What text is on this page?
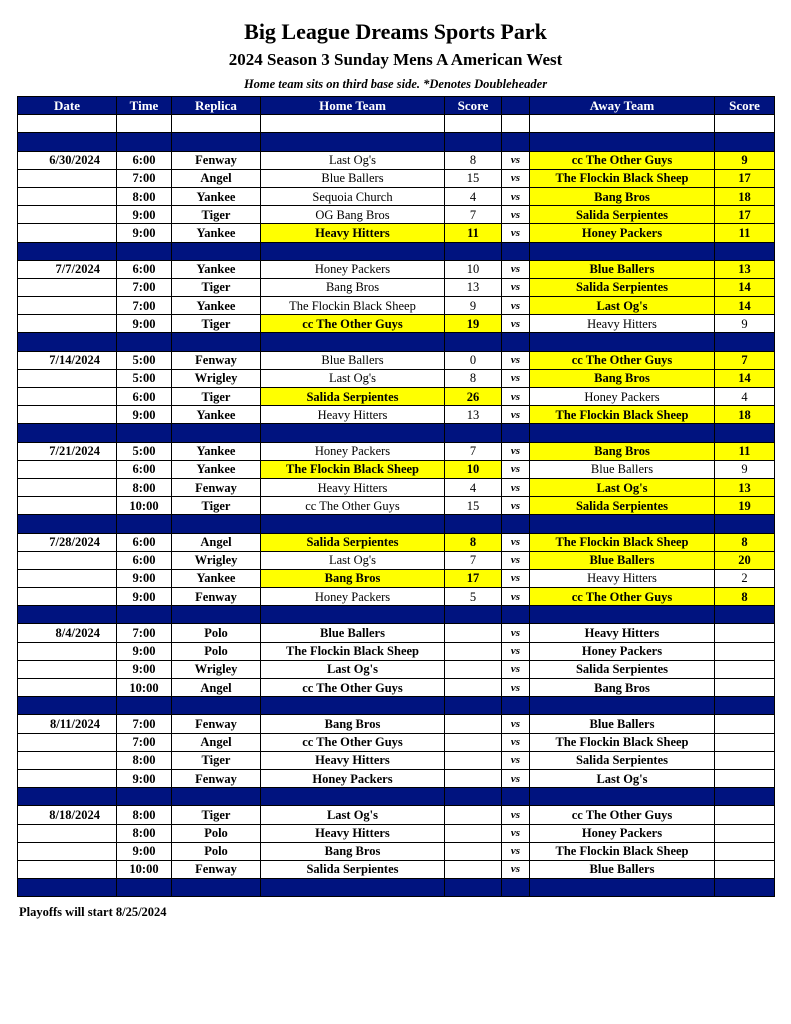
Big League Dreams Sports Park
2024 Season 3 Sunday Mens A American West
Home team sits on third base side. *Denotes Doubleheader
Date	Time	Replica	Home Team	Score		Away Team	Score

6/30/2024	6:00	Fenway	Last Og's	8	vs	cc The Other Guys	9
	7:00	Angel	Blue Ballers	15	vs	The Flockin Black Sheep	17
	8:00	Yankee	Sequoia Church	4	vs	Bang Bros	18
	9:00	Tiger	OG Bang Bros	7	vs	Salida Serpientes	17
	9:00	Yankee	Heavy Hitters	11	vs	Honey Packers	11

7/7/2024	6:00	Yankee	Honey Packers	10	vs	Blue Ballers	13
	7:00	Tiger	Bang Bros	13	vs	Salida Serpientes	14
	7:00	Yankee	The Flockin Black Sheep	9	vs	Last Og's	14
	9:00	Tiger	cc The Other Guys	19	vs	Heavy Hitters	9

7/14/2024	5:00	Fenway	Blue Ballers	0	vs	cc The Other Guys	7
	5:00	Wrigley	Last Og's	8	vs	Bang Bros	14
	6:00	Tiger	Salida Serpientes	26	vs	Honey Packers	4
	9:00	Yankee	Heavy Hitters	13	vs	The Flockin Black Sheep	18

7/21/2024	5:00	Yankee	Honey Packers	7	vs	Bang Bros	11
	6:00	Yankee	The Flockin Black Sheep	10	vs	Blue Ballers	9
	8:00	Fenway	Heavy Hitters	4	vs	Last Og's	13
	10:00	Tiger	cc The Other Guys	15	vs	Salida Serpientes	19

7/28/2024	6:00	Angel	Salida Serpientes	8	vs	The Flockin Black Sheep	8
	6:00	Wrigley	Last Og's	7	vs	Blue Ballers	20
	9:00	Yankee	Bang Bros	17	vs	Heavy Hitters	2
	9:00	Fenway	Honey Packers	5	vs	cc The Other Guys	8

8/4/2024	7:00	Polo	Blue Ballers		vs	Heavy Hitters	
	9:00	Polo	The Flockin Black Sheep		vs	Honey Packers	
	9:00	Wrigley	Last Og's		vs	Salida Serpientes	
	10:00	Angel	cc The Other Guys		vs	Bang Bros	

8/11/2024	7:00	Fenway	Bang Bros		vs	Blue Ballers	
	7:00	Angel	cc The Other Guys		vs	The Flockin Black Sheep	
	8:00	Tiger	Heavy Hitters		vs	Salida Serpientes	
	9:00	Fenway	Honey Packers		vs	Last Og's	

8/18/2024	8:00	Tiger	Last Og's		vs	cc The Other Guys	
	8:00	Polo	Heavy Hitters		vs	Honey Packers	
	9:00	Polo	Bang Bros		vs	The Flockin Black Sheep	
	10:00	Fenway	Salida Serpientes		vs	Blue Ballers	

Playoffs will start 8/25/2024
